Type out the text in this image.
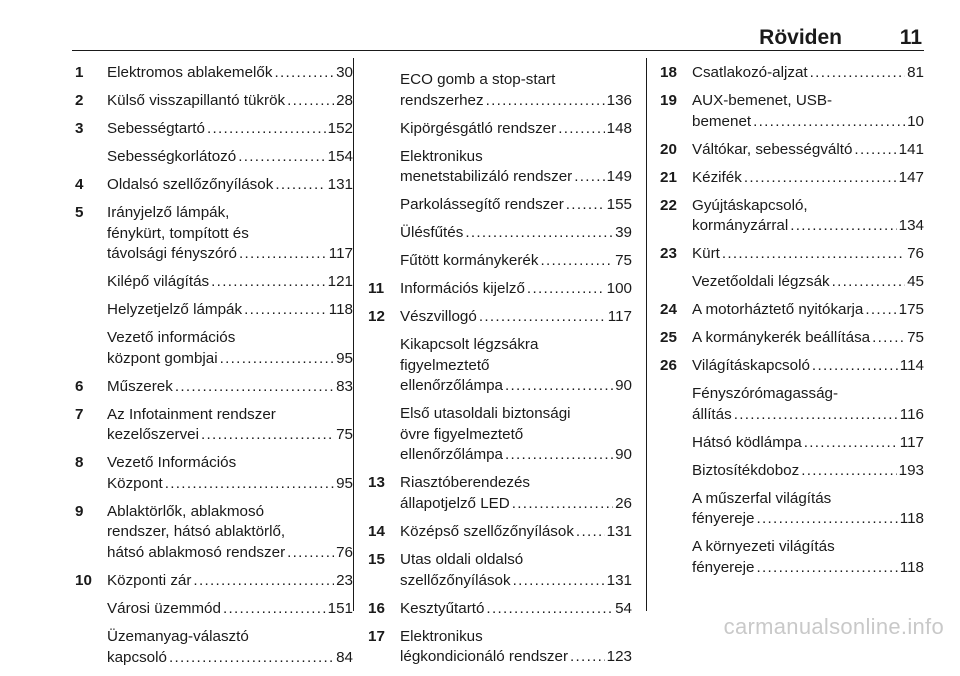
Röviden	11
1 Elektromos ablakemelők .....	30
2 Külső visszapillantó tükrök .....	28
3 Sebességtartó .....	152
Sebességkorlátozó .....	154
4 Oldalsó szellőzőnyílások .....	131
5 Irányjelző lámpák,
fénykürt, tompított és
távolsági fényszóró .....	117
Kilépő világítás .....	121
Helyzetjelző lámpák .....	118
Vezető információs
központ gombjai .....	95
6 Műszerek .....	83
7 Az Infotainment rendszer
kezelőszervei .....	75
8 Vezető Információs
Központ .....	95
9 Ablaktörlők, ablakmosó
rendszer, hátsó ablaktörlő,
hátsó ablakmosó rendszer .....	76
10 Központi zár .....	23
Városi üzemmód .....	151
Üzemanyag-választó
kapcsoló .....	84
ECO gomb a stop-start
rendszerhez .....	136
Kipörgésgátló rendszer .....	148
Elektronikus
menetstabilizáló rendszer ..... 149
Parkolássegítő rendszer .....	155
Ülésfűtés .....	39
Fűtött kormánykerék .....	75
11 Információs kijelző .....	100
12 Vészvillogó .....	117
Kikapcsolt légzsákra
figyelmeztető
ellenőrzőlámpa .....	90
Első utasoldali biztonsági
övre figyelmeztető
ellenőrzőlámpa .....	90
13 Riasztóberendezés
állapotjelző LED .....	26
14 Középső szellőzőnyílások ..... 131
15 Utas oldali oldalsó
szellőzőnyílások .....	131
16 Kesztyűtartó .....	54
17 Elektronikus
légkondicionáló rendszer .....	123
18 Csatlakozó-aljzat .....	81
19 AUX-bemenet, USB-
bemenet .....	10
20 Váltókar, sebességváltó .....	141
21 Kézifék .....	147
22 Gyújtáskapcsoló,
kormányzárral .....	134
23 Kürt .....	76
Vezetőoldali légzsák .....	45
24 A motorháztető nyitókarja ..... 175
25 A kormánykerék beállítása ..... 75
26 Világításkapcsoló .....	114
Fényszórómagasság-
állítás .....	116
Hátsó ködlámpa .....	117
Biztosítékdoboz .....	193
A műszerfal világítás
fényereje .....	118
A környezeti világítás
fényereje .....	118
carmanualsonline.info
